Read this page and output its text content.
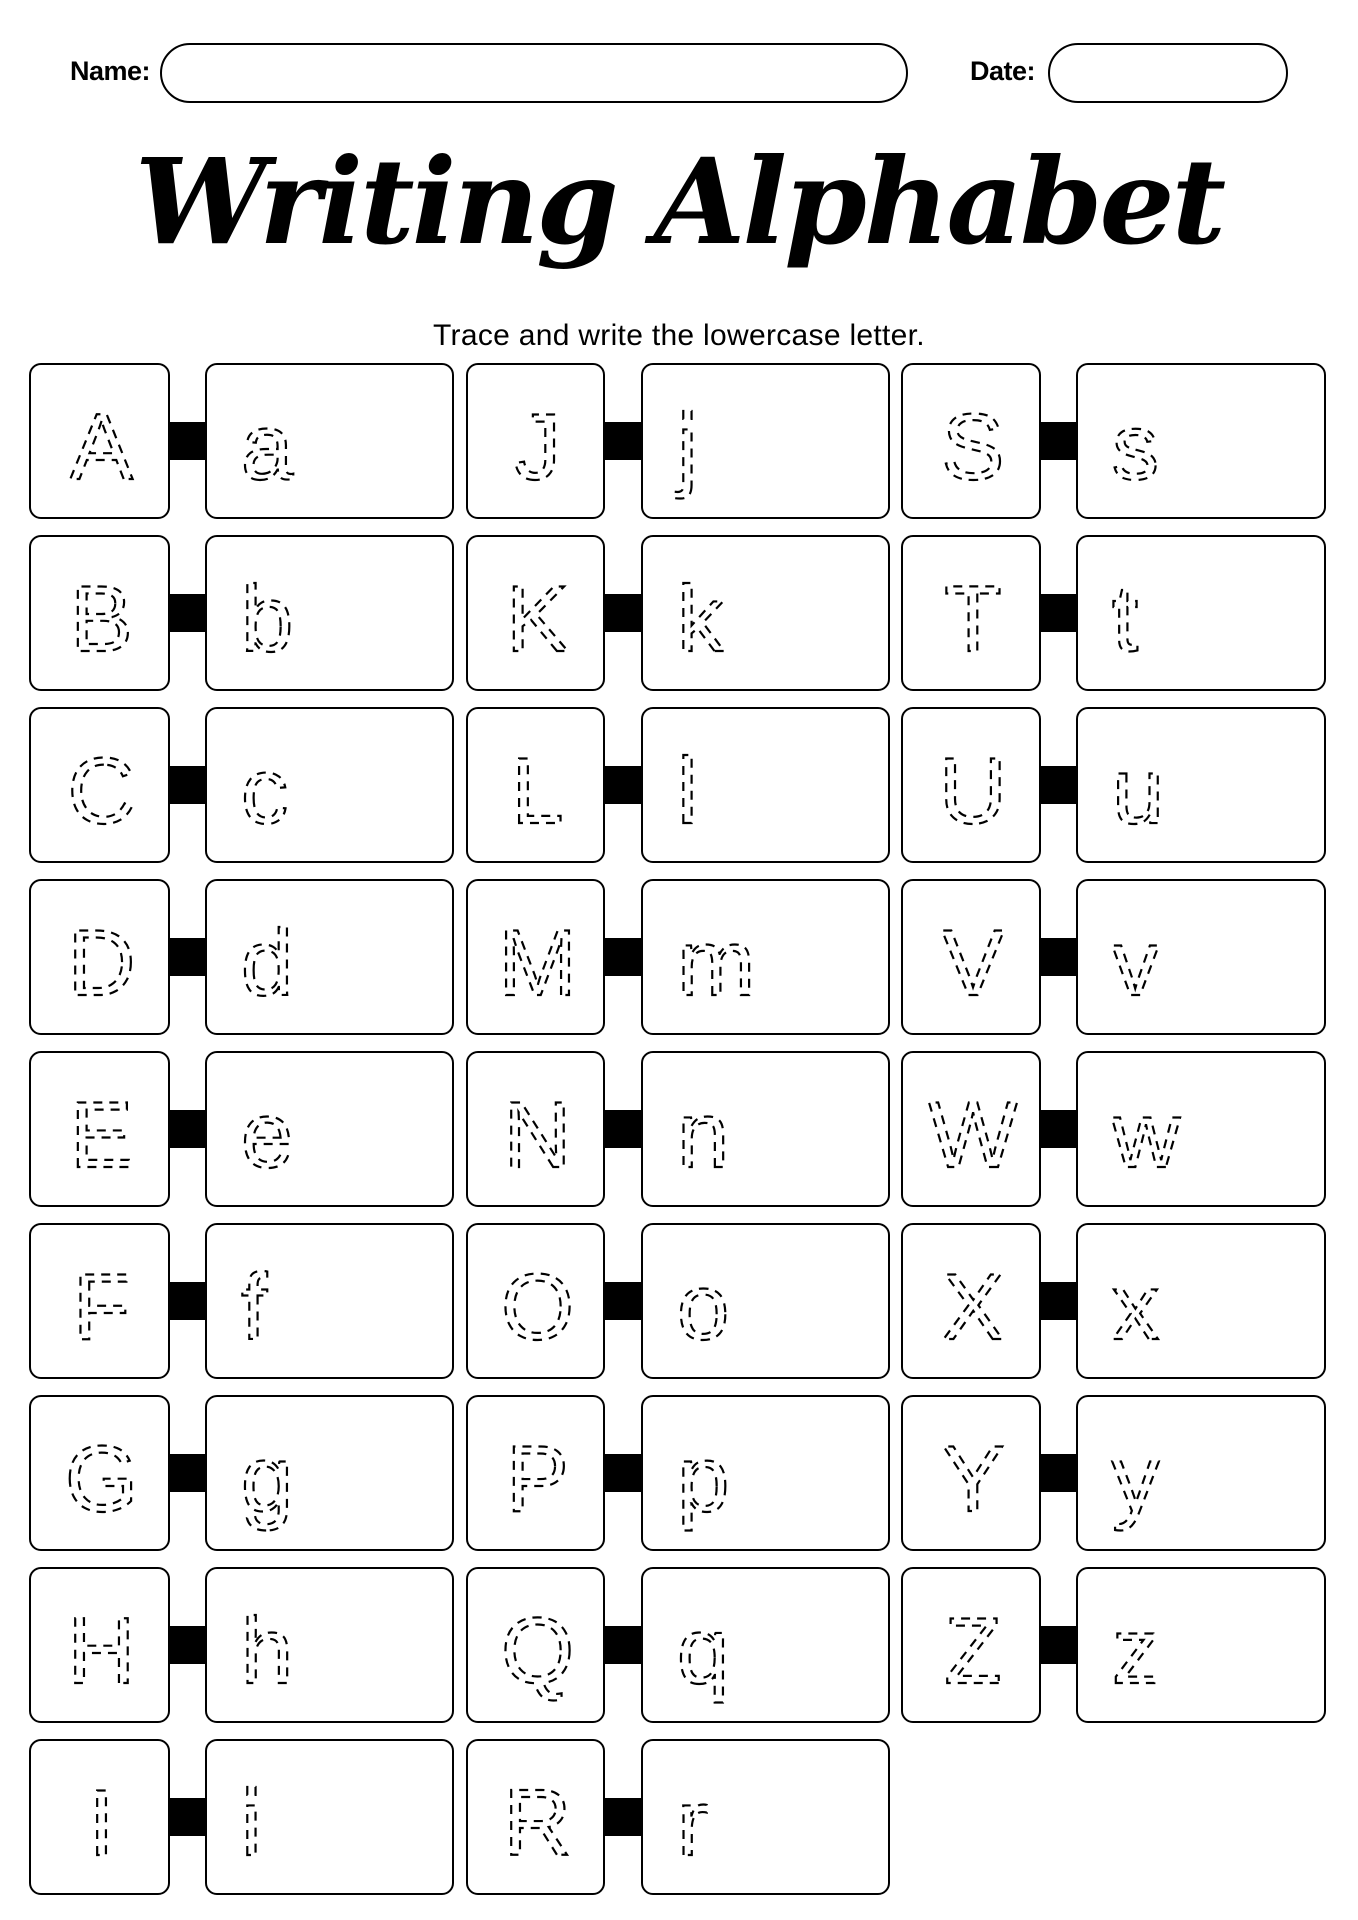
Name:	Date:
Writing Alphabet
Trace and write the lowercase letter.
A a
B b
C c
D d
E e
F f
G g
H h
I i
J j
K k
L l
M m
N n
O o
P p
Q q
R r
S s
T t
U u
V v
W w
X x
Y y
Z z
